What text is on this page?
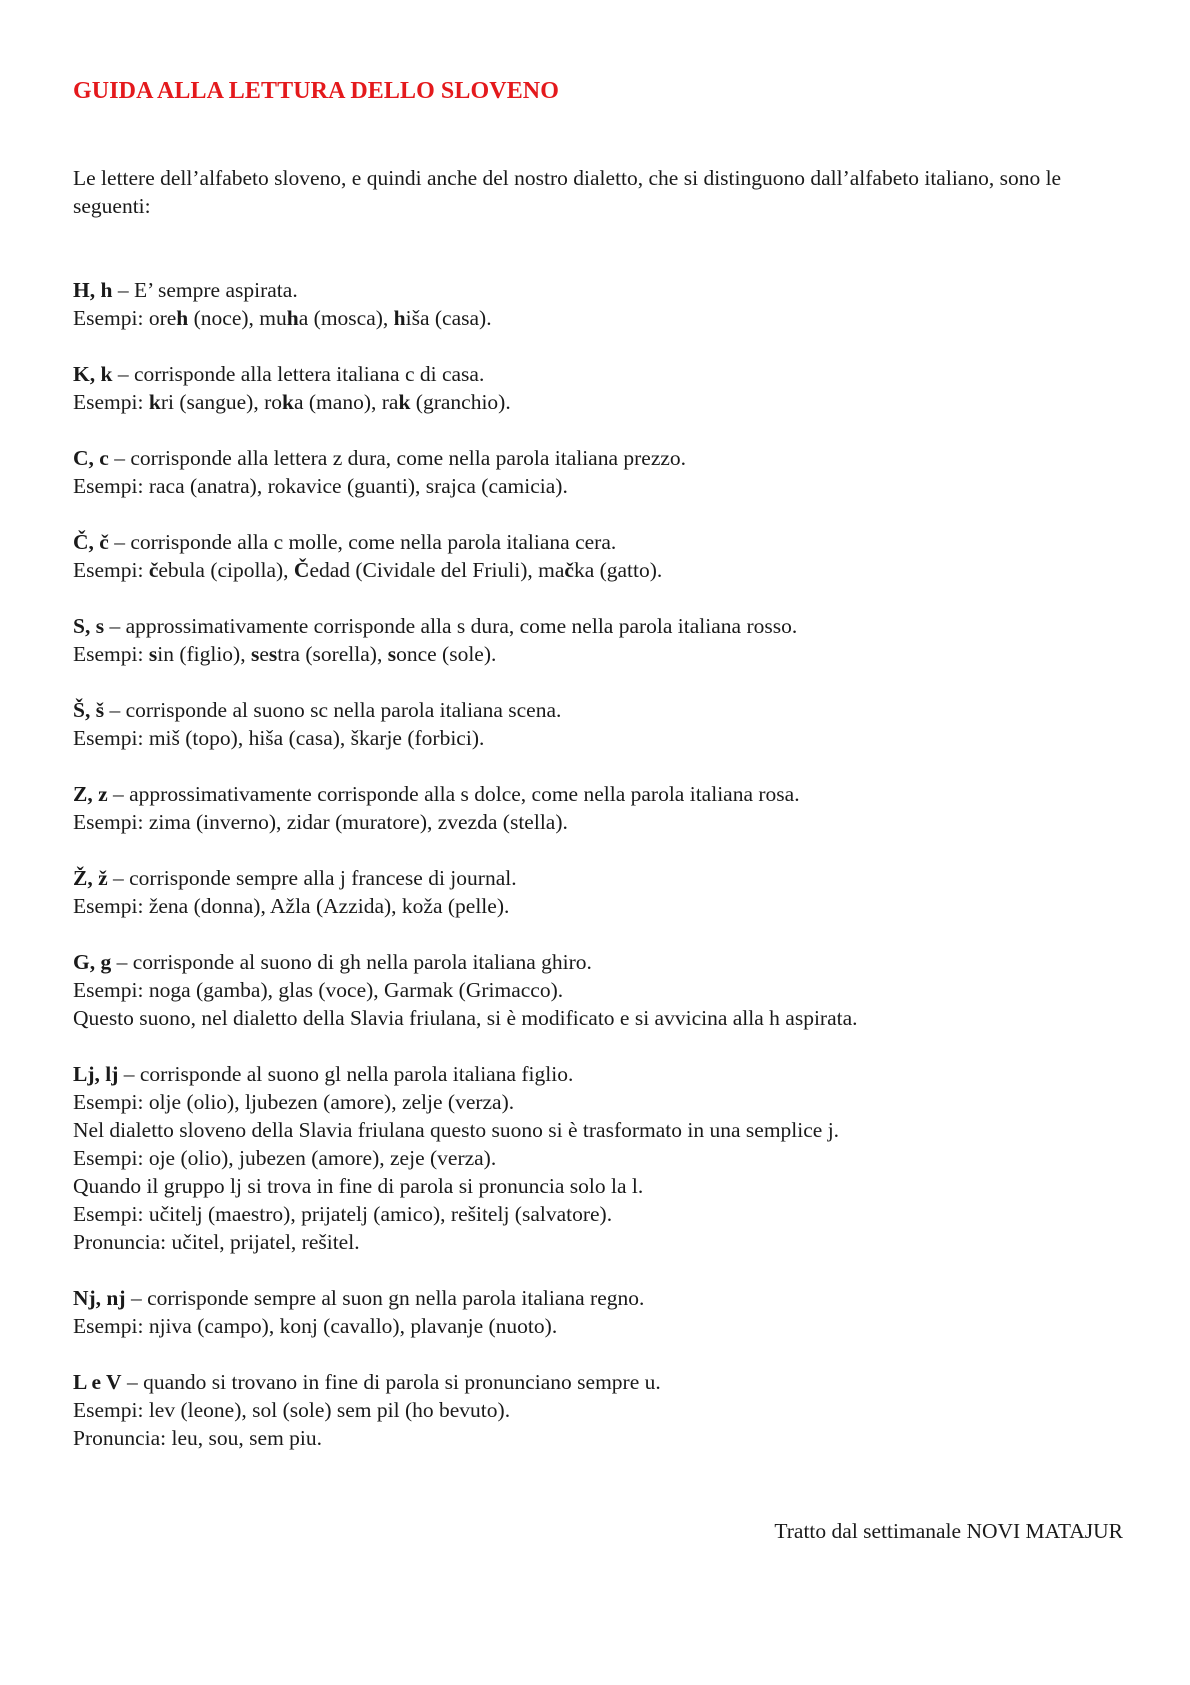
GUIDA ALLA LETTURA DELLO SLOVENO

Le lettere dell’alfabeto sloveno, e quindi anche del nostro dialetto, che si distinguono dall’alfabeto italiano, sono le seguenti:

H, h – E’ sempre aspirata.
Esempi: oreh (noce), muha (mosca), hiša (casa).
K, k – corrisponde alla lettera italiana c di casa.
Esempi: kri (sangue), roka (mano), rak (granchio).
C, c – corrisponde alla lettera z dura, come nella parola italiana prezzo.
Esempi: raca (anatra), rokavice (guanti), srajca (camicia).
Č, č – corrisponde alla c molle, come nella parola italiana cera.
Esempi: čebula (cipolla), Čedad (Cividale del Friuli), mačka (gatto).
S, s – approssimativamente corrisponde alla s dura, come nella parola italiana rosso.
Esempi: sin (figlio), sestra (sorella), sonce (sole).
Š, š – corrisponde al suono sc nella parola italiana scena.
Esempi: miš (topo), hiša (casa), škarje (forbici).
Z, z – approssimativamente corrisponde alla s dolce, come nella parola italiana rosa.
Esempi: zima (inverno), zidar (muratore), zvezda (stella).
Ž, ž – corrisponde sempre alla j francese di journal.
Esempi: žena (donna), Ažla (Azzida), koža (pelle).
G, g – corrisponde al suono di gh nella parola italiana ghiro.
Esempi: noga (gamba), glas (voce), Garmak (Grimacco).
Questo suono, nel dialetto della Slavia friulana, si è modificato e si avvicina alla h aspirata.
Lj, lj – corrisponde al suono gl nella parola italiana figlio.
Esempi: olje (olio), ljubezen (amore), zelje (verza).
Nel dialetto sloveno della Slavia friulana questo suono si è trasformato in una semplice j.
Esempi: oje (olio), jubezen (amore), zeje (verza).
Quando il gruppo lj si trova in fine di parola si pronuncia solo la l.
Esempi: učitelj (maestro), prijatelj (amico), rešitelj (salvatore).
Pronuncia: učitel, prijatel, rešitel.
Nj, nj – corrisponde sempre al suon gn nella parola italiana regno.
Esempi: njiva (campo), konj (cavallo), plavanje (nuoto).
L e V – quando si trovano in fine di parola si pronunciano sempre u.
Esempi: lev (leone), sol (sole) sem pil (ho bevuto).
Pronuncia: leu, sou, sem piu.
Tratto dal settimanale NOVI MATAJUR
